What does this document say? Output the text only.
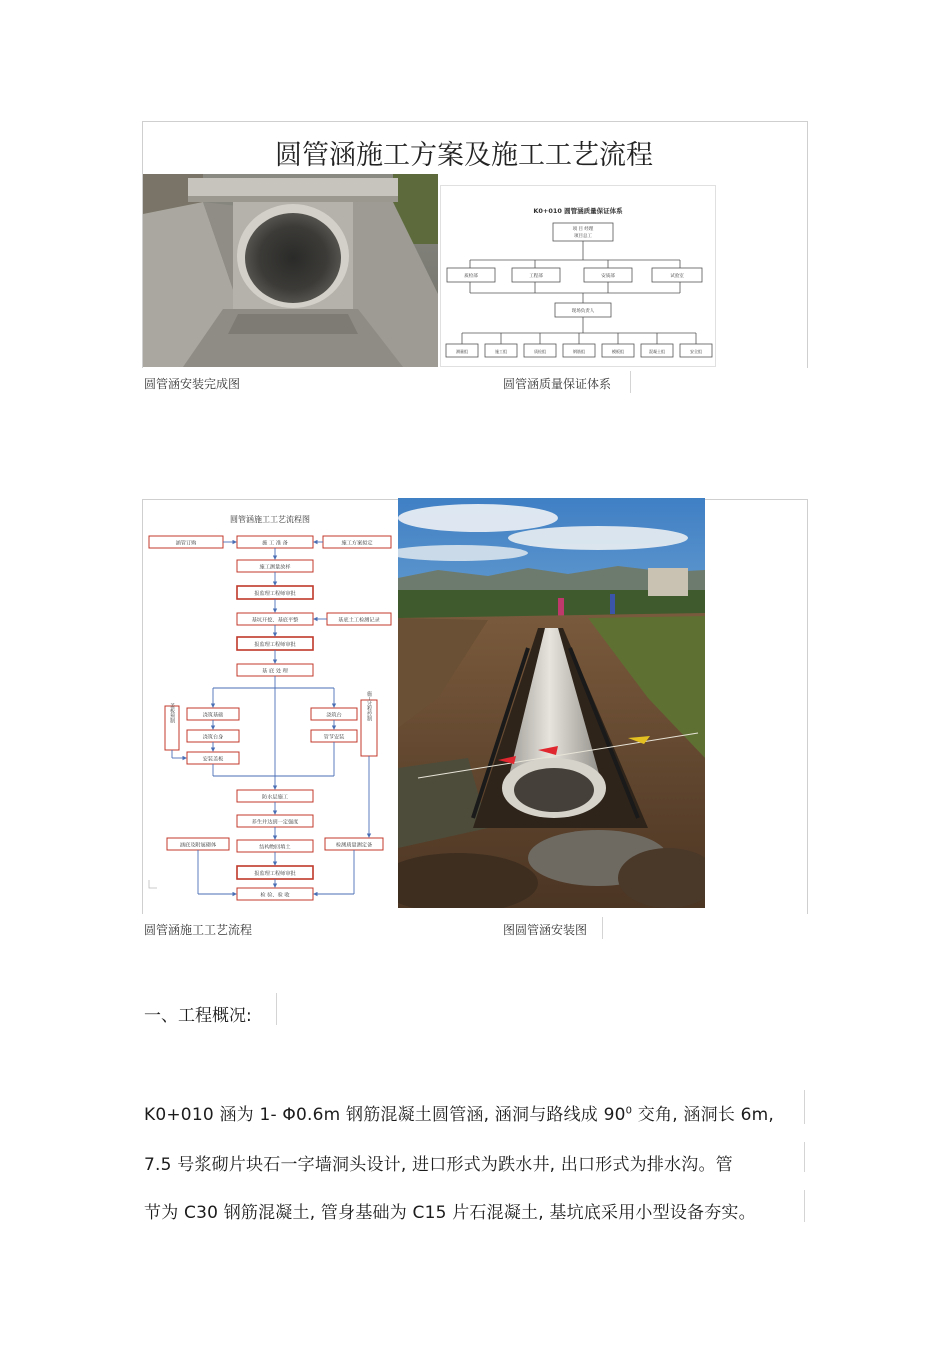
圆管涵施工方案及施工工艺流程
K0+010 圆管涵质量保证体系
项 目 经理
项目总工
质检部	工程部	安质部	试验室
现场负责人
测量组	施工组	质检组	钢筋组	模板组	混凝土组	安全组
圆管涵安装完成图	圆管涵质量保证体系
圆管涵施工工艺流程图
涵管订购	施 工 准 备	施工方案拟定
施工测量放样
报监理工程师审批
基坑开挖、基底平整	基底土工检测记录
报监理工程师审批
基 底 处 理
浇筑基础
浇筑台身
安装盖板
浇筑台
管节安装
防水层施工
养生并达到一定强度
结构物回填土
涵底及附属砌体	检测质量测定备
报监理工程师审批
检 验、验 收
盖板预制	施工过程控制
圆管涵施工工艺流程	图圆管涵安装图
一、工程概况:
K0+010 涵为 1- Φ0.6m 钢筋混凝土圆管涵, 涵洞与路线成 $90^0$ 交角, 涵洞长 6m,
7.5 号浆砌片块石一字墙洞头设计, 进口形式为跌水井, 出口形式为排水沟。管
节为 C30 钢筋混凝土, 管身基础为 C15 片石混凝土, 基坑底采用小型设备夯实。
